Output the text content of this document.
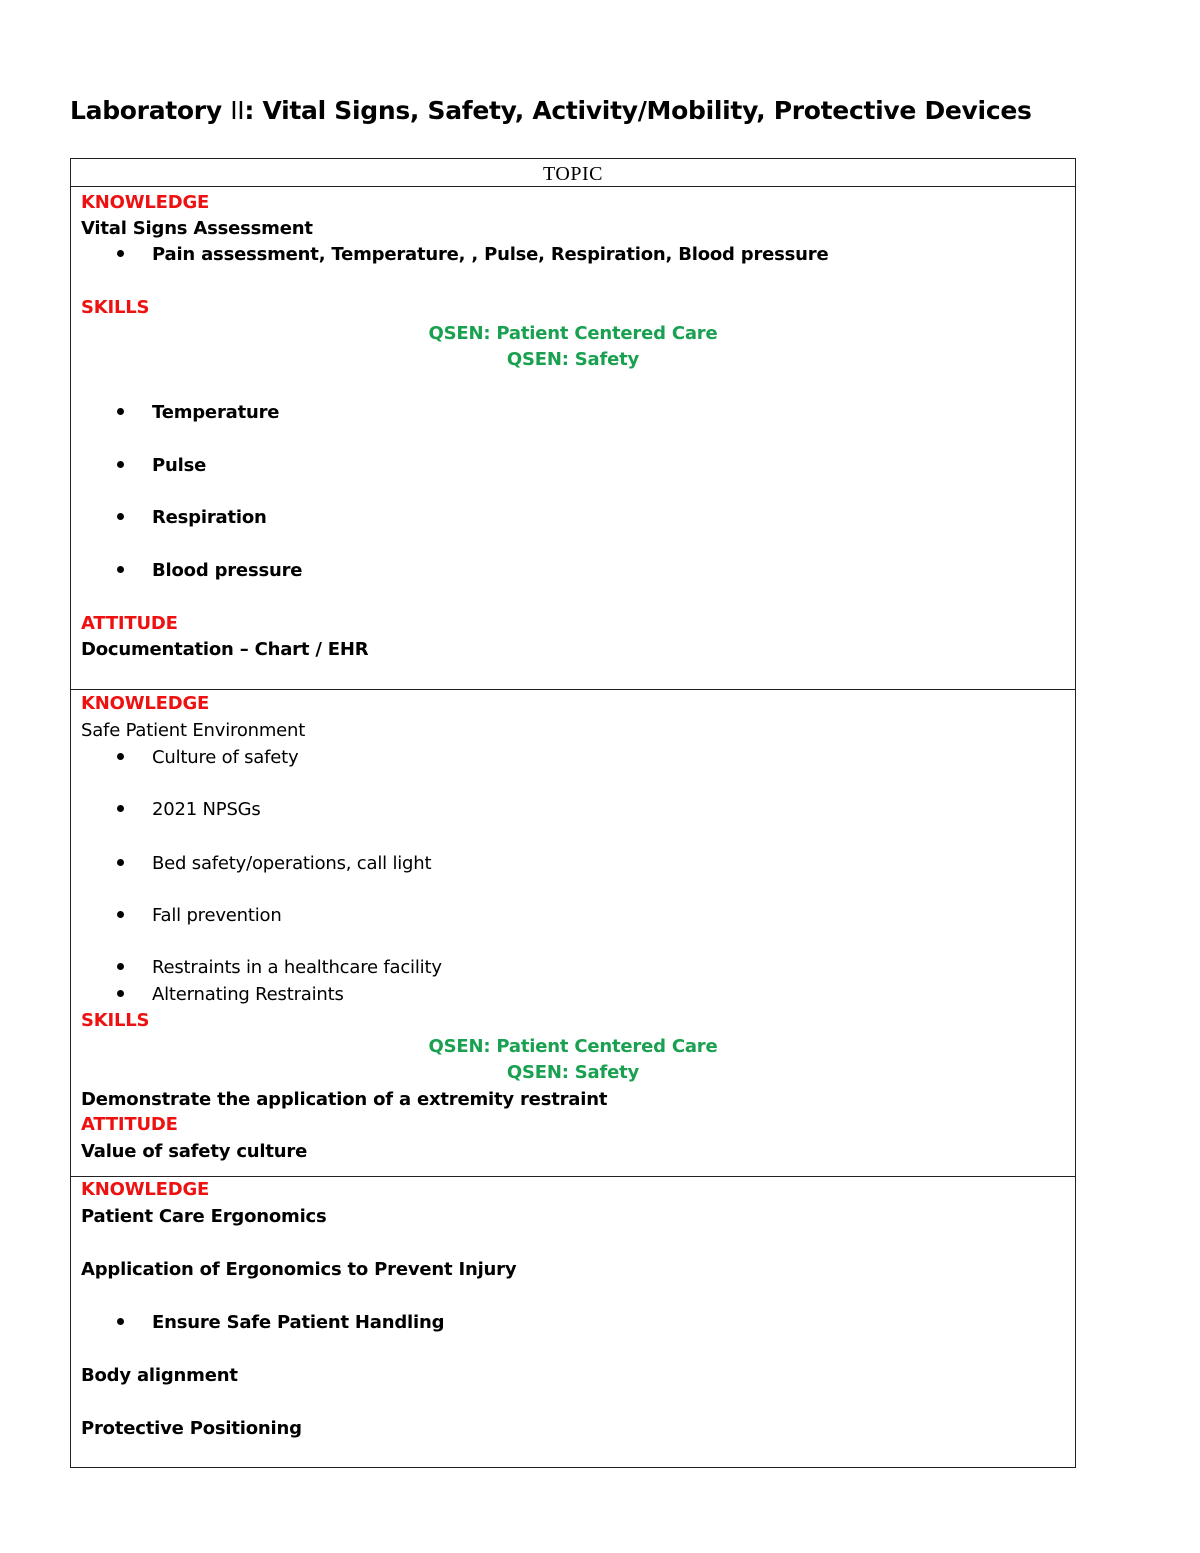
Laboratory II: Vital Signs, Safety, Activity/Mobility, Protective Devices
TOPIC
KNOWLEDGE
Vital Signs Assessment
Pain assessment, Temperature, , Pulse, Respiration, Blood pressure
SKILLS
QSEN: Patient Centered Care
QSEN: Safety
Temperature
Pulse
Respiration
Blood pressure
ATTITUDE
Documentation – Chart / EHR
KNOWLEDGE
Safe Patient Environment
Culture of safety
2021 NPSGs
Bed safety/operations, call light
Fall prevention
Restraints in a healthcare facility
Alternating Restraints
SKILLS
QSEN: Patient Centered Care
QSEN: Safety
Demonstrate the application of a extremity restraint
ATTITUDE
Value of safety culture
KNOWLEDGE
Patient Care Ergonomics
Application of Ergonomics to Prevent Injury
Ensure Safe Patient Handling
Body alignment
Protective Positioning
